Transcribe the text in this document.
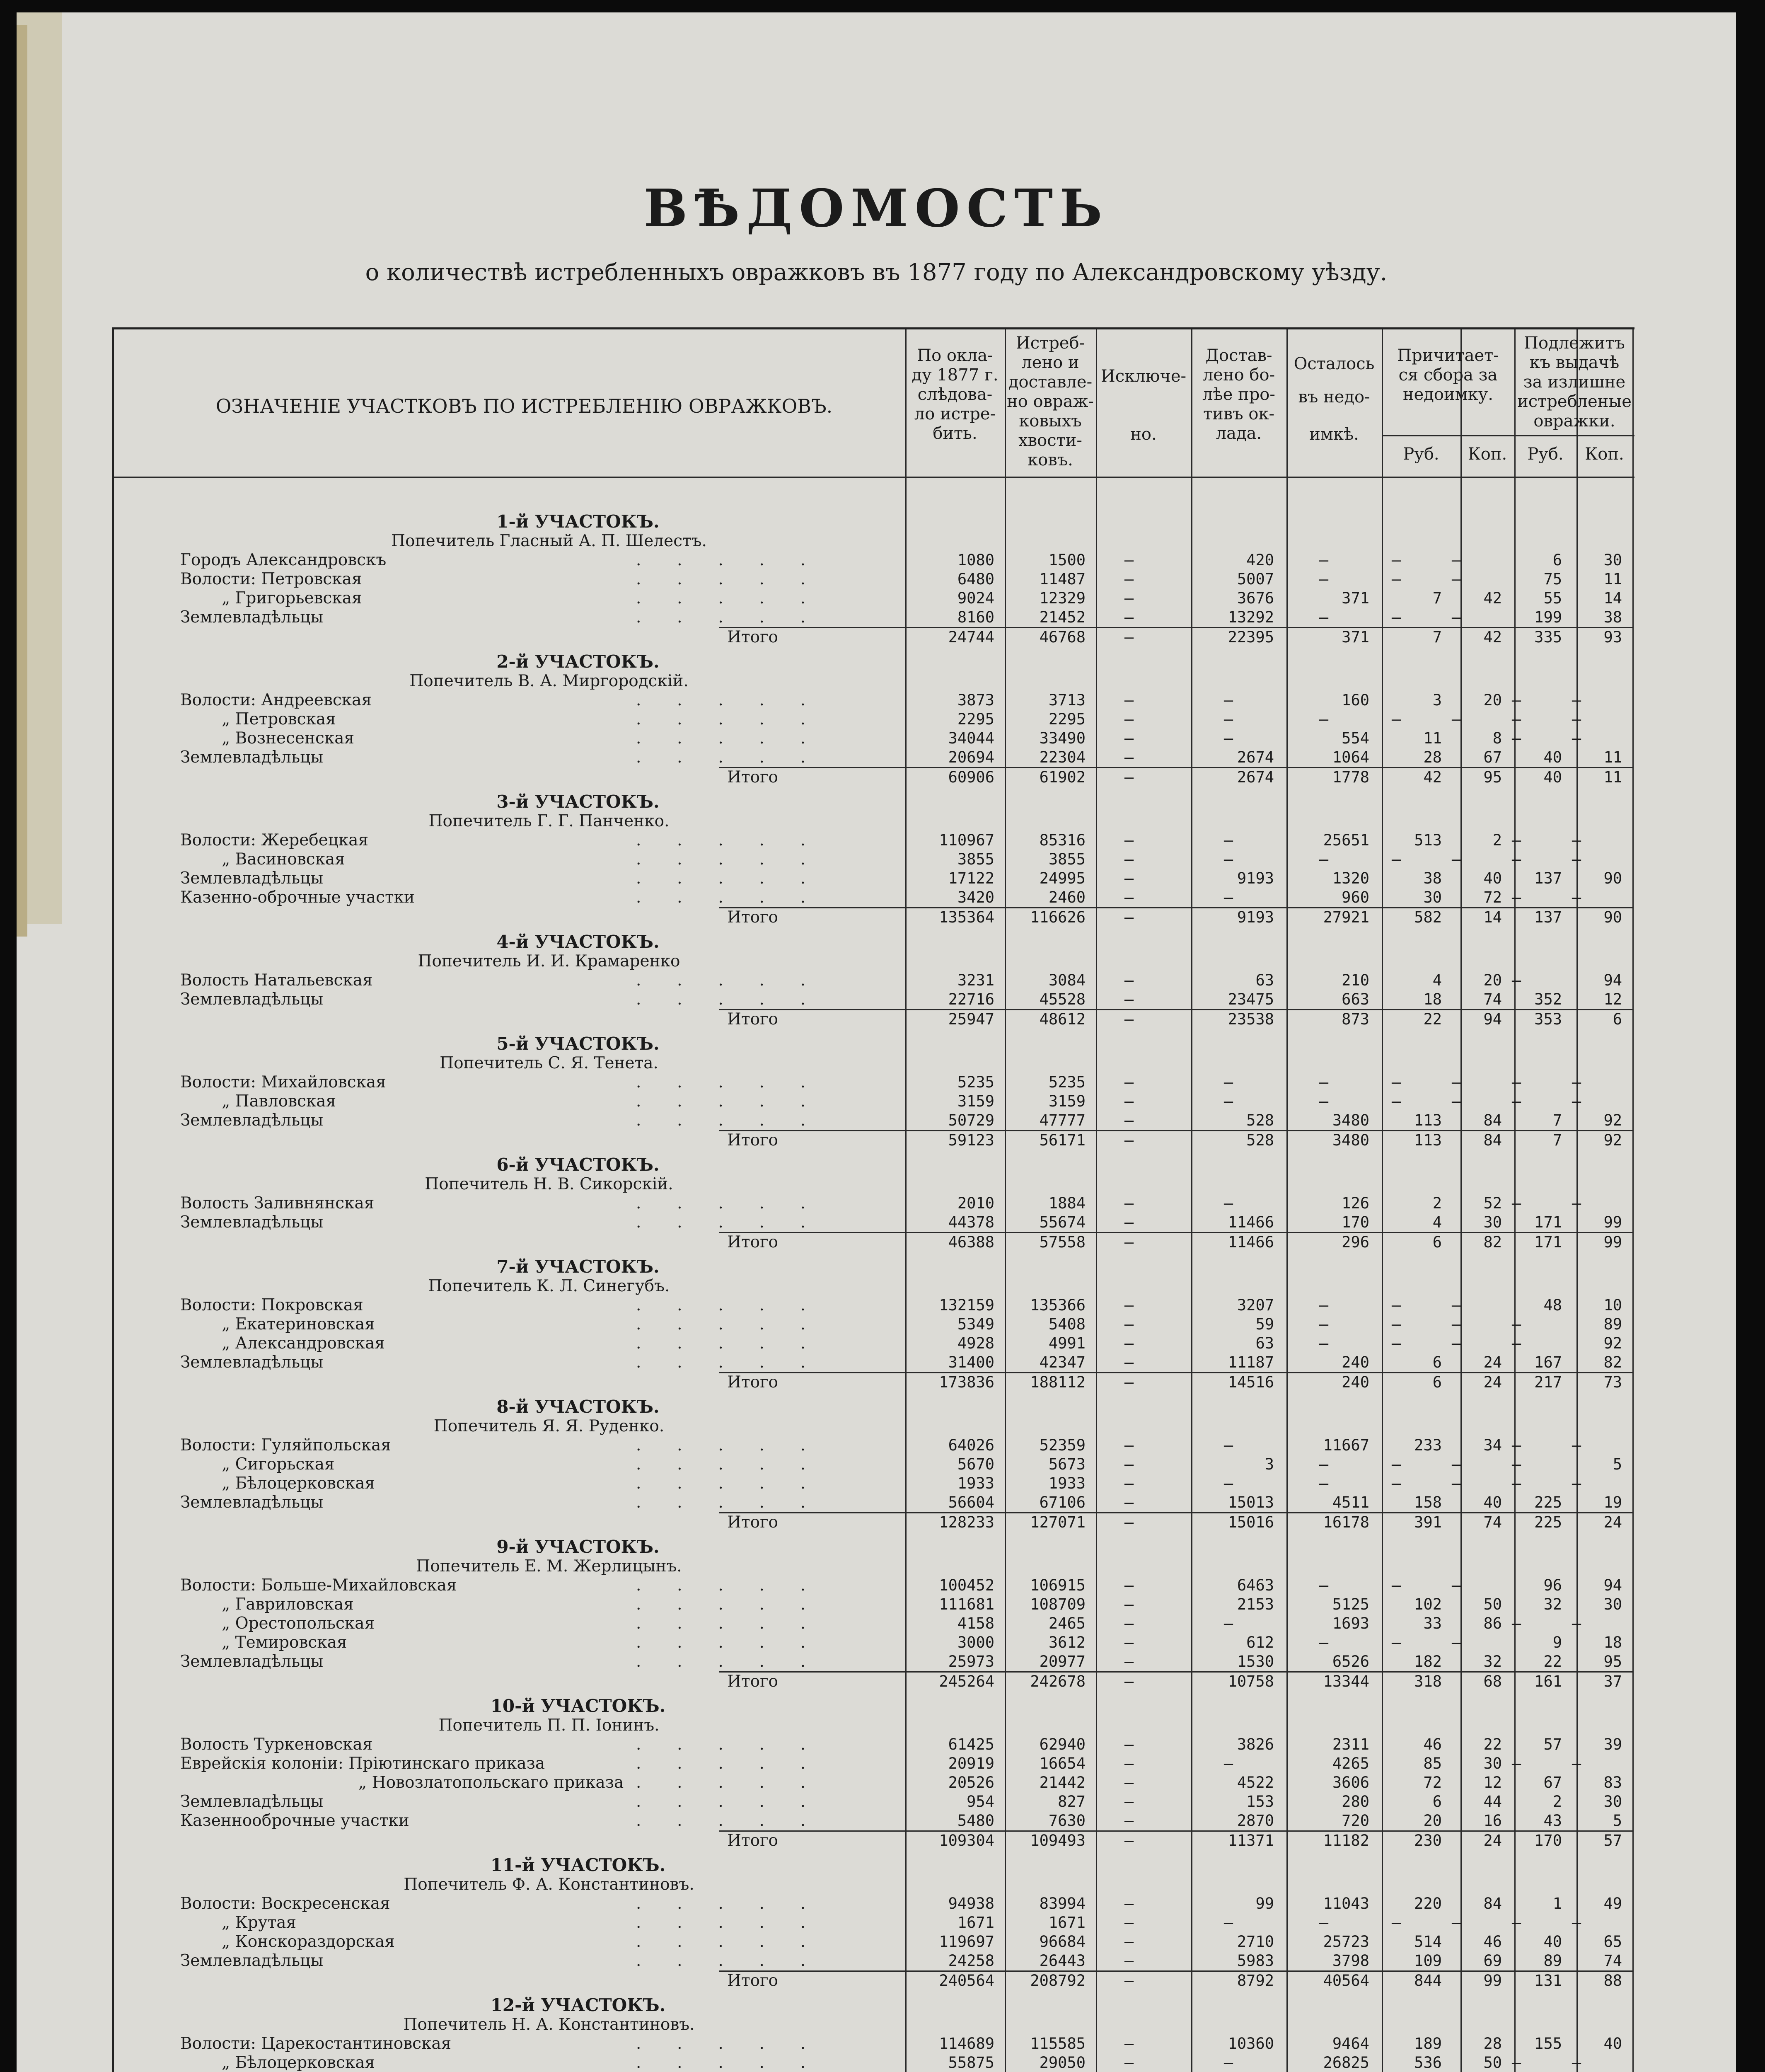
ВѢДОМОСТЬ

о количествѣ истребленныхъ овражковъ въ 1877 году по Александровскому уѣзду.

ОЗНАЧЕНІЕ УЧАСТКОВЪ ПО ИСТРЕБЛЕНІЮ ОВРАЖКОВЪ.
По окла-
ду 1877 г.
слѣдова-
ло истре-
бить.
Истреб-
лено и
доставле-
но овраж-
ковыхъ
хвости-
ковъ.
Исключе-
но.
Достав-
лено бо-
лѣе про-
тивъ ок-
лада.
Осталось
въ недо-
имкѣ.
Причитает-
ся сбора за
недоимку.
Подлежитъ
къ выдачѣ
за излишне
истребленые
овражки.
Руб.	Коп.	Руб.	Коп.
1-й УЧАСТОКЪ.
Попечитель Гласный А. П. Шелестъ.
Городъ Александровскъ	.       .       .       .       .	1080	1500	—	420	—	—	—	6	30
Волости: Петровская	.       .       .       .       .	6480	11487	—	5007	—	—	—	75	11
„ Григорьевская	.       .       .       .       .	9024	12329	—	3676	371	7	42	55	14
Землевладѣльцы	.       .       .       .       .	8160	21452	—	13292	—	—	—	199	38
Итого	24744	46768	—	22395	371	7	42	335	93
2-й УЧАСТОКЪ.
Попечитель В. А. Миргородскій.
Волости: Андреевская	.       .       .       .       .	3873	3713	—	—	160	3	20 —	—
„ Петровская	.       .       .       .       .	2295	2295	—	—	—	—	—	—	—
„ Вознесенская	.       .       .       .       .	34044	33490	—	—	554	11	8 —	—
Землевладѣльцы	.       .       .       .       .	20694	22304	—	2674	1064	28	67	40	11
Итого	60906	61902	—	2674	1778	42	95	40	11
3-й УЧАСТОКЪ.
Попечитель Г. Г. Панченко.
Волости: Жеребецкая	.       .       .       .       .	110967	85316	—	—	25651	513	2 —	—
„ Васиновская	.       .       .       .       .	3855	3855	—	—	—	—	—	—	—
Землевладѣльцы	.       .       .       .       .	17122	24995	—	9193	1320	38	40	137	90
Казенно-оброчные участки	.       .       .       .       .	3420	2460	—	—	960	30	72 —	—
Итого	135364	116626	—	9193	27921	582	14	137	90
4-й УЧАСТОКЪ.
Попечитель И. И. Крамаренко
Волость Натальевская	.       .       .       .       .	3231	3084	—	63	210	4	20 —	94
Землевладѣльцы	.       .       .       .       .	22716	45528	—	23475	663	18	74	352	12
Итого	25947	48612	—	23538	873	22	94	353	6
5-й УЧАСТОКЪ.
Попечитель С. Я. Тенета.
Волости: Михайловская	.       .       .       .       .	5235	5235	—	—	—	—	—	—	—
„ Павловская	.       .       .       .       .	3159	3159	—	—	—	—	—	—	—
Землевладѣльцы	.       .       .       .       .	50729	47777	—	528	3480	113	84	7	92
Итого	59123	56171	—	528	3480	113	84	7	92
6-й УЧАСТОКЪ.
Попечитель Н. В. Сикорскій.
Волость Заливнянская	.       .       .       .       .	2010	1884	—	—	126	2	52 —	—
Землевладѣльцы	.       .       .       .       .	44378	55674	—	11466	170	4	30	171	99
Итого	46388	57558	—	11466	296	6	82	171	99
7-й УЧАСТОКЪ.
Попечитель К. Л. Синегубъ.
Волости: Покровская	.       .       .       .       .	132159	135366	—	3207	—	—	—	48	10
„ Екатериновская	.       .       .       .       .	5349	5408	—	59	—	—	—	—	89
„ Александровская	.       .       .       .       .	4928	4991	—	63	—	—	—	—	92
Землевладѣльцы	.       .       .       .       .	31400	42347	—	11187	240	6	24	167	82
Итого	173836	188112	—	14516	240	6	24	217	73
8-й УЧАСТОКЪ.
Попечитель Я. Я. Руденко.
Волости: Гуляйпольская	.       .       .       .       .	64026	52359	—	—	11667	233	34 —	—
„ Сигорьская	.       .       .       .       .	5670	5673	—	3	—	—	—	—	5
„ Бѣлоцерковская	.       .       .       .       .	1933	1933	—	—	—	—	—	—	—
Землевладѣльцы	.       .       .       .       .	56604	67106	—	15013	4511	158	40	225	19
Итого	128233	127071	—	15016	16178	391	74	225	24
9-й УЧАСТОКЪ.
Попечитель Е. М. Жерлицынъ.
Волости: Больше-Михайловская	.       .       .       .       .	100452	106915	—	6463	—	—	—	96	94
„ Гавриловская	.       .       .       .       .	111681	108709	—	2153	5125	102	50	32	30
„ Орестопольская	.       .       .       .       .	4158	2465	—	—	1693	33	86 —	—
„ Темировская	.       .       .       .       .	3000	3612	—	612	—	—	—	9	18
Землевладѣльцы	.       .       .       .       .	25973	20977	—	1530	6526	182	32	22	95
Итого	245264	242678	—	10758	13344	318	68	161	37
10-й УЧАСТОКЪ.
Попечитель П. П. Іонинъ.
Волость Туркеновская	.       .       .       .       .	61425	62940	—	3826	2311	46	22	57	39
Еврейскія колоніи: Пріютинскаго приказа	.       .       .       .       .	20919	16654	—	—	4265	85	30 —	—
„ Новозлатопольскаго приказа .       .       .       .       .	20526	21442	—	4522	3606	72	12	67	83
Землевладѣльцы	.       .       .       .       .	954	827	—	153	280	6	44	2	30
Казеннооброчные участки	.       .       .       .       .	5480	7630	—	2870	720	20	16	43	5
Итого	109304	109493	—	11371	11182	230	24	170	57
11-й УЧАСТОКЪ.
Попечитель Ф. А. Константиновъ.
Волости: Воскресенская	.       .       .       .       .	94938	83994	—	99	11043	220	84	1	49
„ Крутая	.       .       .       .       .	1671	1671	—	—	—	—	—	—	—
„ Конскораздорская	.       .       .       .       .	119697	96684	—	2710	25723	514	46	40	65
Землевладѣльцы	.       .       .       .       .	24258	26443	—	5983	3798	109	69	89	74
Итого	240564	208792	—	8792	40564	844	99	131	88
12-й УЧАСТОКЪ.
Попечитель Н. А. Константиновъ.
Волости: Царекостантиновская	.       .       .       .       .	114689	115585	—	10360	9464	189	28	155	40
„ Бѣлоцерковская	.       .       .       .       .	55875	29050	—	—	26825	536	50 —	—
